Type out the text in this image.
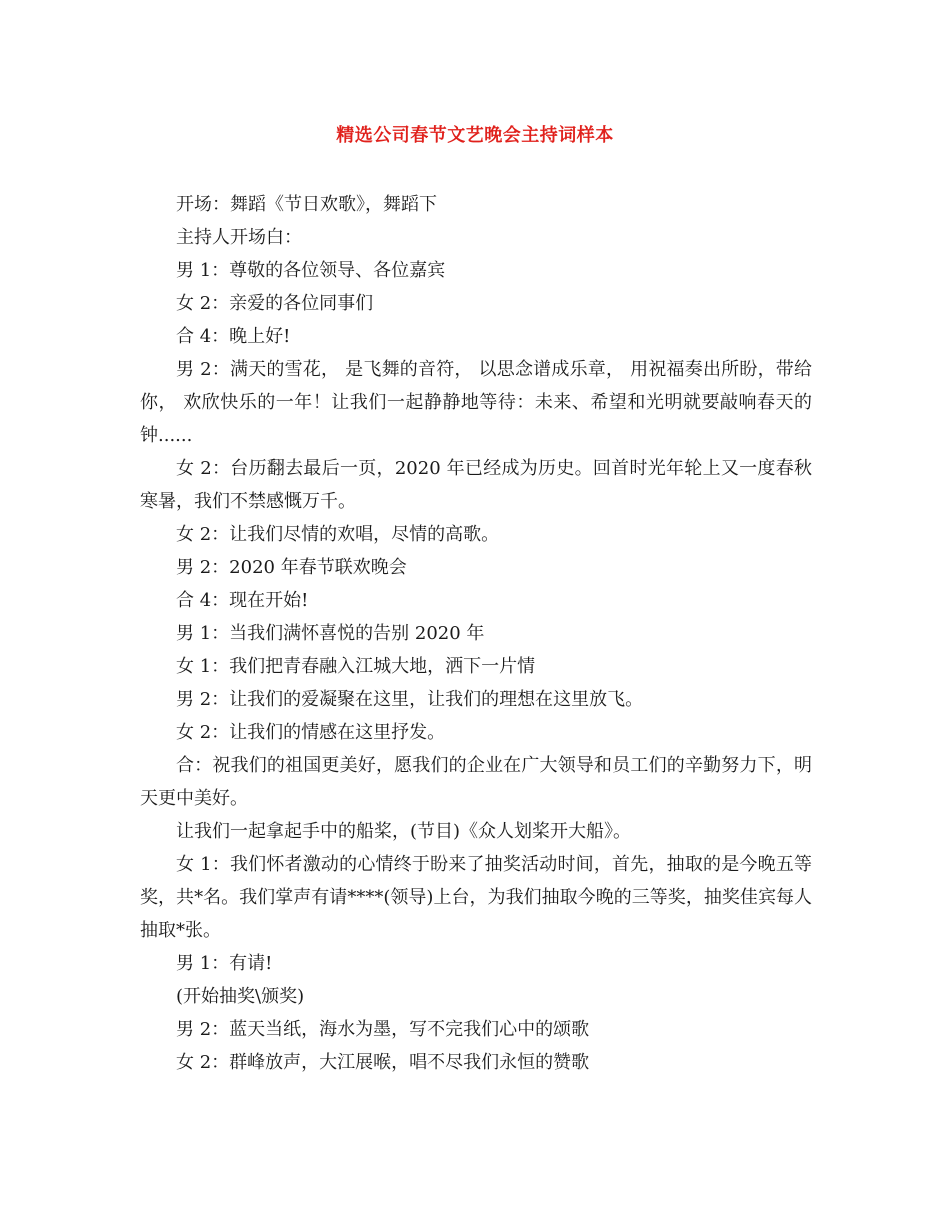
精选公司春节文艺晚会主持词样本

开场：舞蹈《节日欢歌》，舞蹈下

主持人开场白：

男 1：尊敬的各位领导、各位嘉宾

女 2：亲爱的各位同事们

合 4：晚上好!

男 2：满天的雪花， 是飞舞的音符， 以思念谱成乐章， 用祝福奏出所盼，带给你， 欢欣快乐的一年！让我们一起静静地等待：未来、希望和光明就要敲响春天的钟......

女 2：台历翻去最后一页，2020 年已经成为历史。回首时光年轮上又一度春秋寒暑，我们不禁感慨万千。

女 2：让我们尽情的欢唱，尽情的高歌。

男 2：2020 年春节联欢晚会

合 4：现在开始!

男 1：当我们满怀喜悦的告别 2020 年

女 1：我们把青春融入江城大地，洒下一片情

男 2：让我们的爱凝聚在这里，让我们的理想在这里放飞。

女 2：让我们的情感在这里抒发。

合：祝我们的祖国更美好，愿我们的企业在广大领导和员工们的辛勤努力下，明天更中美好。

让我们一起拿起手中的船桨，(节目)《众人划桨开大船》。

女 1：我们怀者激动的心情终于盼来了抽奖活动时间，首先，抽取的是今晚五等奖，共*名。我们掌声有请****(领导)上台，为我们抽取今晚的三等奖，抽奖佳宾每人抽取*张。

男 1：有请!

(开始抽奖\颁奖)

男 2：蓝天当纸，海水为墨，写不完我们心中的颂歌

女 2：群峰放声，大江展喉，唱不尽我们永恒的赞歌
